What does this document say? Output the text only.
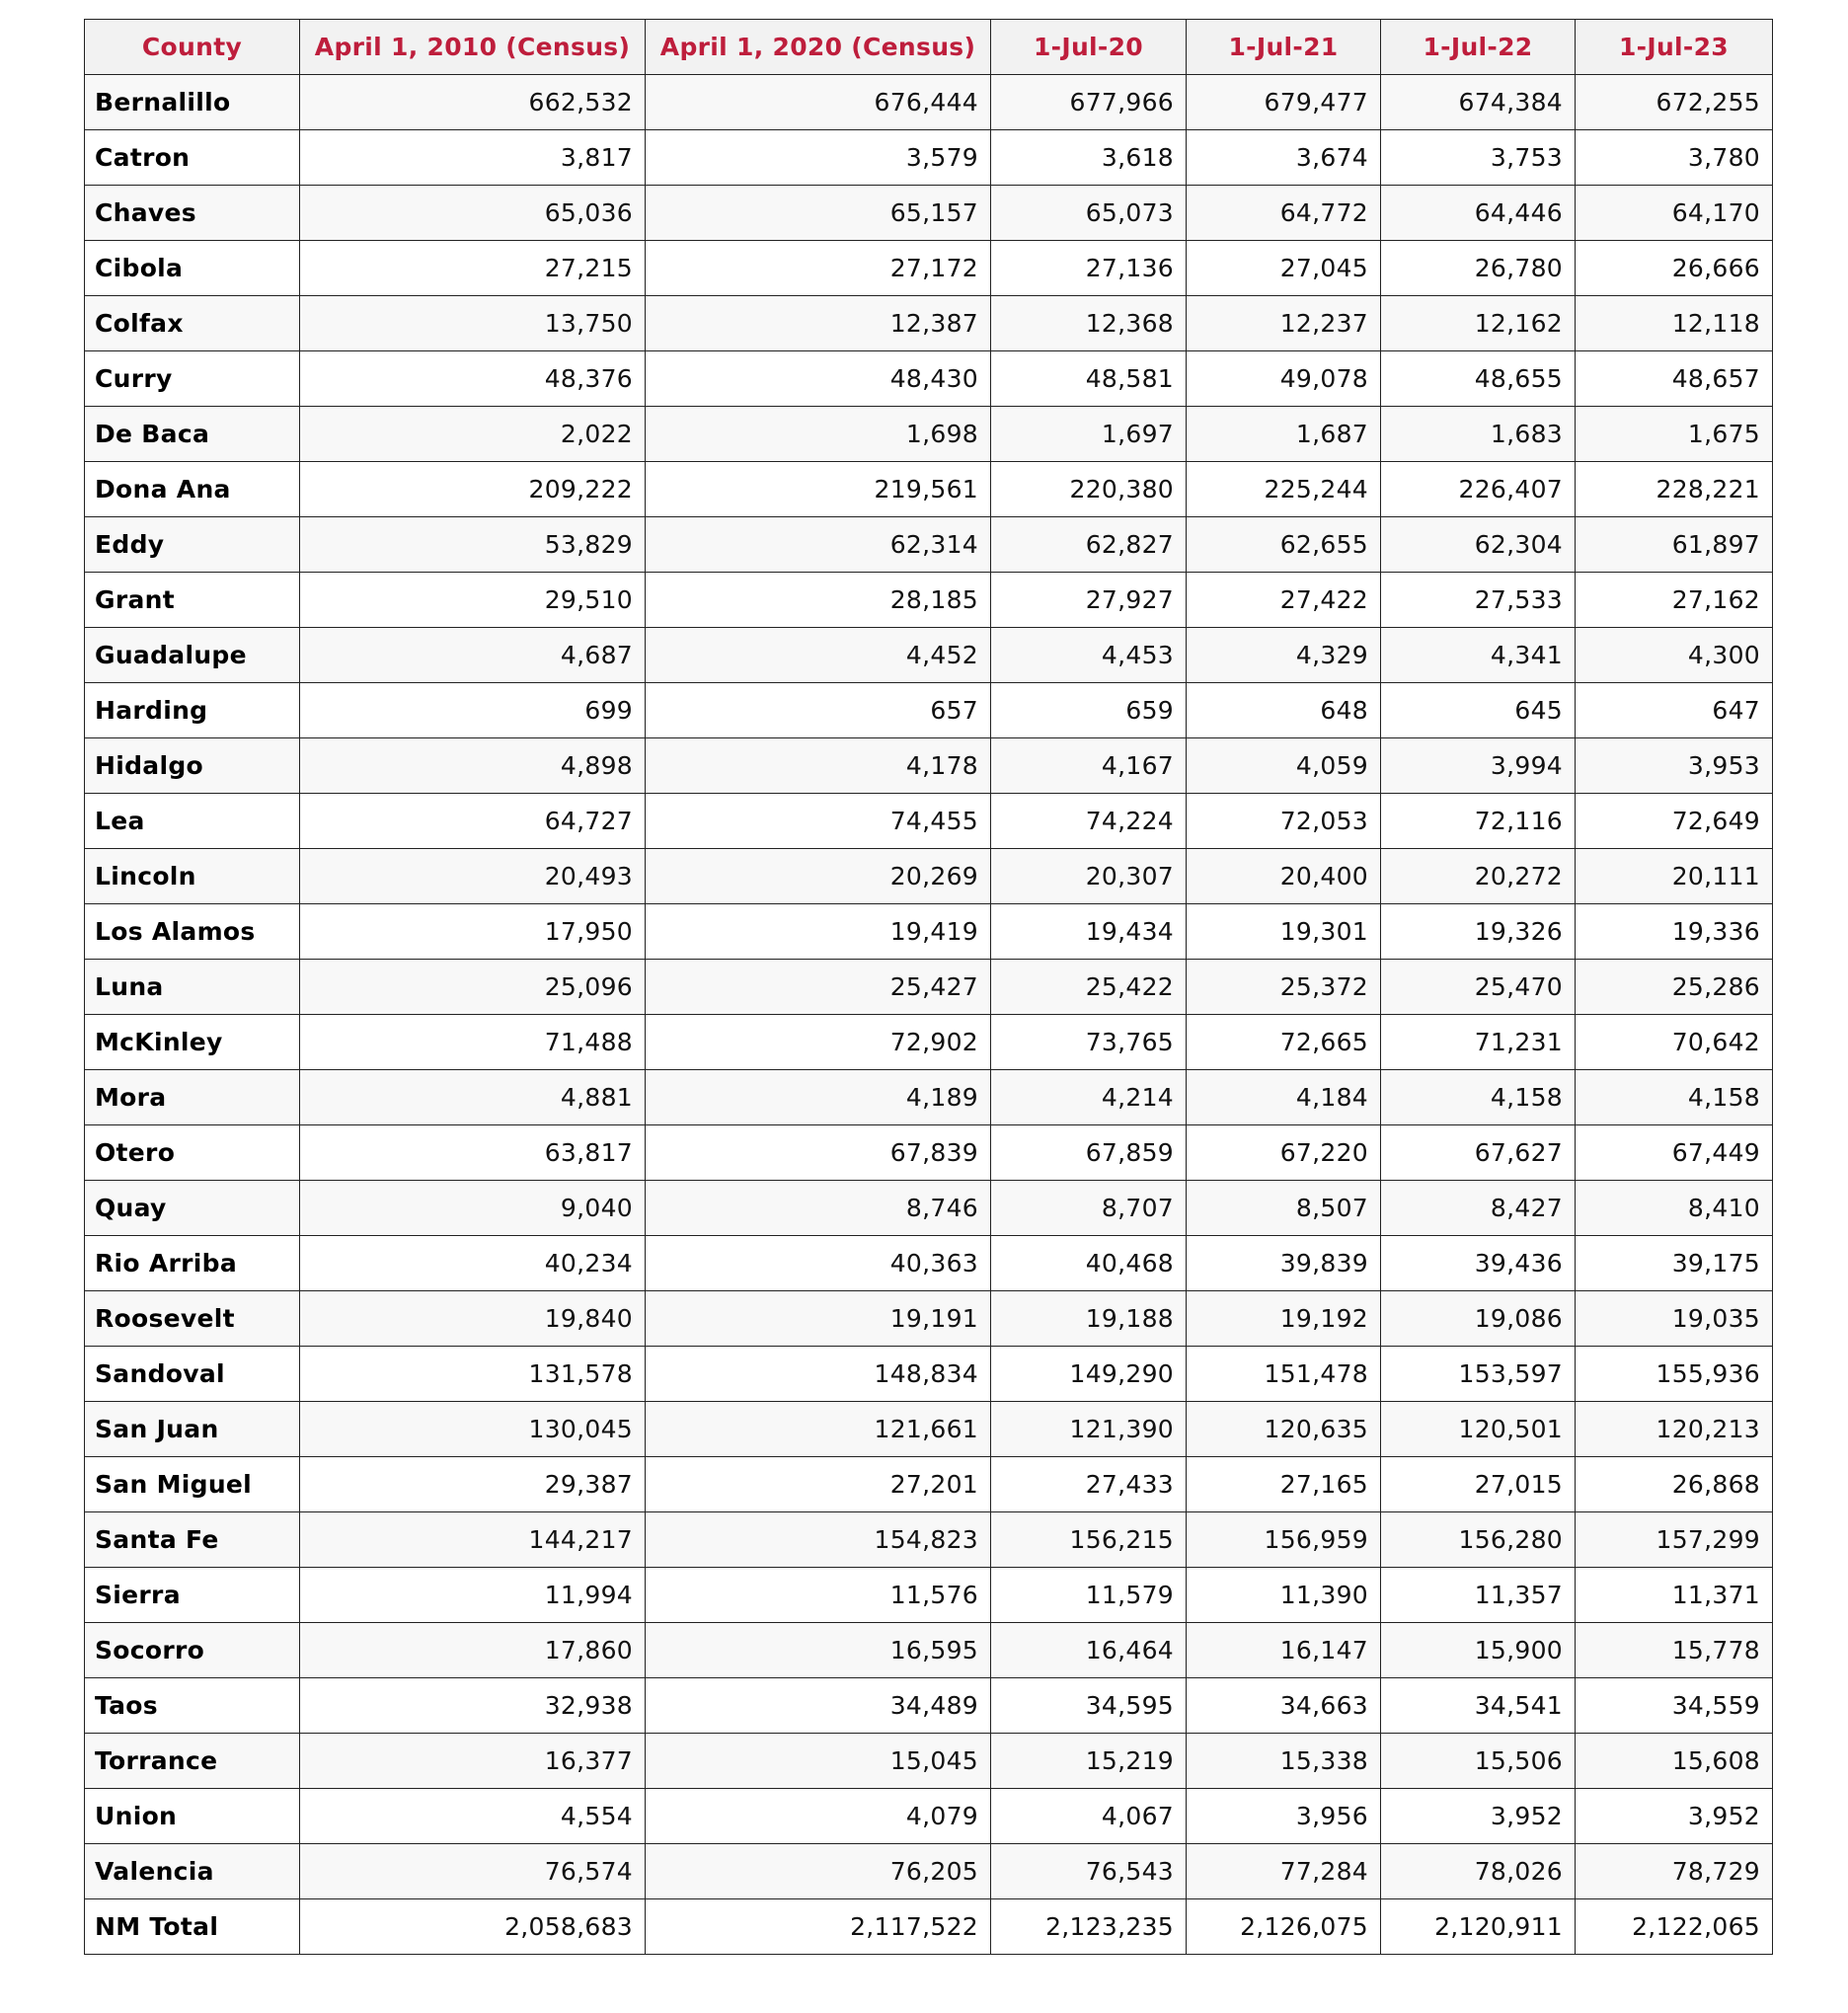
County	April 1, 2010 (Census)	April 1, 2020 (Census)	1-Jul-20	1-Jul-21	1-Jul-22	1-Jul-23
Bernalillo	662,532	676,444	677,966	679,477	674,384	672,255
Catron	3,817	3,579	3,618	3,674	3,753	3,780
Chaves	65,036	65,157	65,073	64,772	64,446	64,170
Cibola	27,215	27,172	27,136	27,045	26,780	26,666
Colfax	13,750	12,387	12,368	12,237	12,162	12,118
Curry	48,376	48,430	48,581	49,078	48,655	48,657
De Baca	2,022	1,698	1,697	1,687	1,683	1,675
Dona Ana	209,222	219,561	220,380	225,244	226,407	228,221
Eddy	53,829	62,314	62,827	62,655	62,304	61,897
Grant	29,510	28,185	27,927	27,422	27,533	27,162
Guadalupe	4,687	4,452	4,453	4,329	4,341	4,300
Harding	699	657	659	648	645	647
Hidalgo	4,898	4,178	4,167	4,059	3,994	3,953
Lea	64,727	74,455	74,224	72,053	72,116	72,649
Lincoln	20,493	20,269	20,307	20,400	20,272	20,111
Los Alamos	17,950	19,419	19,434	19,301	19,326	19,336
Luna	25,096	25,427	25,422	25,372	25,470	25,286
McKinley	71,488	72,902	73,765	72,665	71,231	70,642
Mora	4,881	4,189	4,214	4,184	4,158	4,158
Otero	63,817	67,839	67,859	67,220	67,627	67,449
Quay	9,040	8,746	8,707	8,507	8,427	8,410
Rio Arriba	40,234	40,363	40,468	39,839	39,436	39,175
Roosevelt	19,840	19,191	19,188	19,192	19,086	19,035
Sandoval	131,578	148,834	149,290	151,478	153,597	155,936
San Juan	130,045	121,661	121,390	120,635	120,501	120,213
San Miguel	29,387	27,201	27,433	27,165	27,015	26,868
Santa Fe	144,217	154,823	156,215	156,959	156,280	157,299
Sierra	11,994	11,576	11,579	11,390	11,357	11,371
Socorro	17,860	16,595	16,464	16,147	15,900	15,778
Taos	32,938	34,489	34,595	34,663	34,541	34,559
Torrance	16,377	15,045	15,219	15,338	15,506	15,608
Union	4,554	4,079	4,067	3,956	3,952	3,952
Valencia	76,574	76,205	76,543	77,284	78,026	78,729
NM Total	2,058,683	2,117,522	2,123,235	2,126,075	2,120,911	2,122,065
